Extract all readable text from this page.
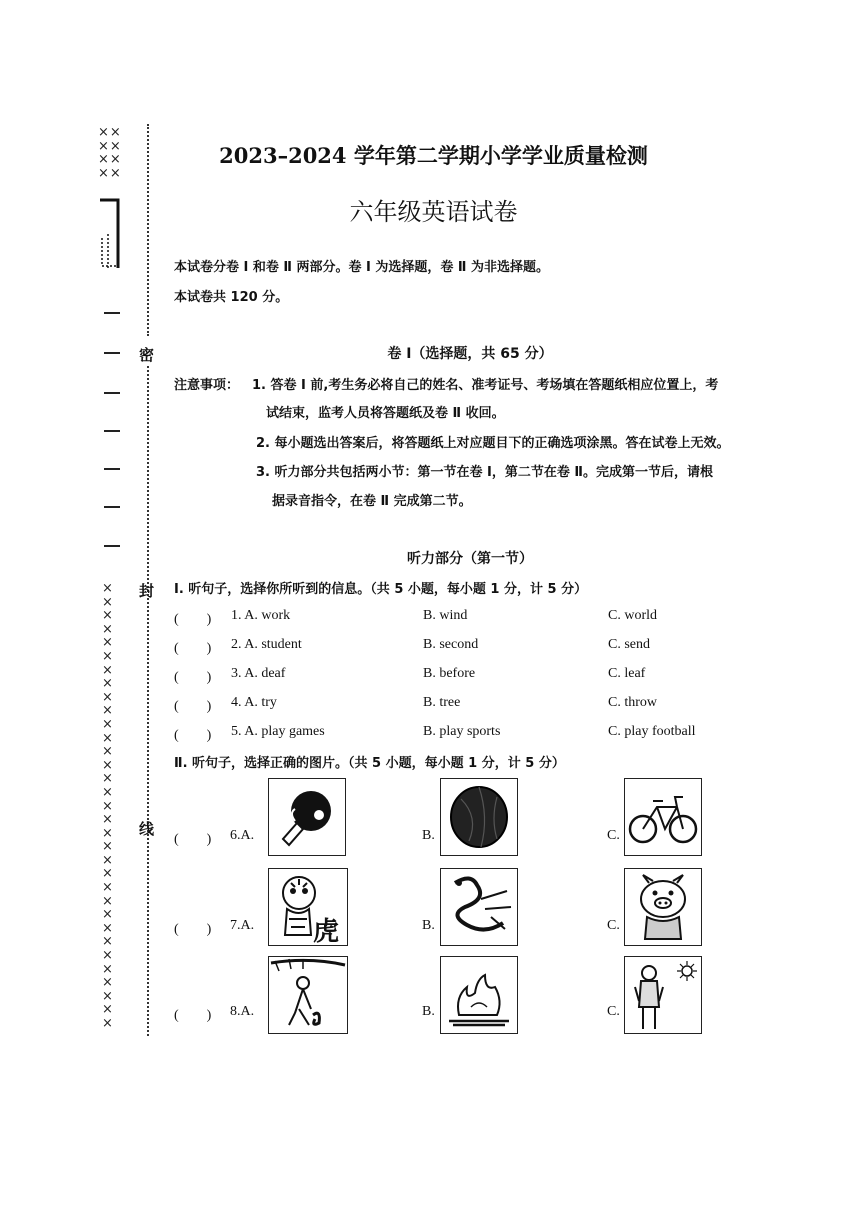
××
××
××
××
密
封
线
×
×
×
×
×
×
×
×
×
×
×
×
×
×
×
×
×
×
×
×
×
×
×
×
×
×
×
×
×
×
×
×
×
2023–2024 学年第二学期小学学业质量检测
六年级英语试卷
本试卷分卷 Ⅰ 和卷 Ⅱ 两部分。卷 Ⅰ 为选择题，卷 Ⅱ 为非选择题。
本试卷共 120 分。
卷 Ⅰ（选择题，共 65 分）
注意事项： 1. 答卷 Ⅰ 前,考生务必将自己的姓名、准考证号、考场填在答题纸相应位置上，考
试结束，监考人员将答题纸及卷 Ⅱ 收回。
2. 每小题选出答案后，将答题纸上对应题目下的正确选项涂黑。答在试卷上无效。
3. 听力部分共包括两小节：第一节在卷 Ⅰ，第二节在卷 Ⅱ。完成第一节后，请根
据录音指令，在卷 Ⅱ 完成第二节。
听力部分（第一节）
Ⅰ. 听句子，选择你所听到的信息。（共 5 小题，每小题 1 分，计 5 分）
(　　) 1. A. work	B. wind	C. world
(　　) 2. A. student	B. second	C. send
(　　) 3. A. deaf	B. before	C. leaf
(　　) 4. A. try	B. tree	C. throw
(　　) 5. A. play games	B. play sports	C. play football
Ⅱ. 听句子，选择正确的图片。（共 5 小题，每小题 1 分，计 5 分）
(　　) 6.A.	B.	C.
(　　) 7.A. 虎	B.	C.
(　　) 8.A.	B.	C.
